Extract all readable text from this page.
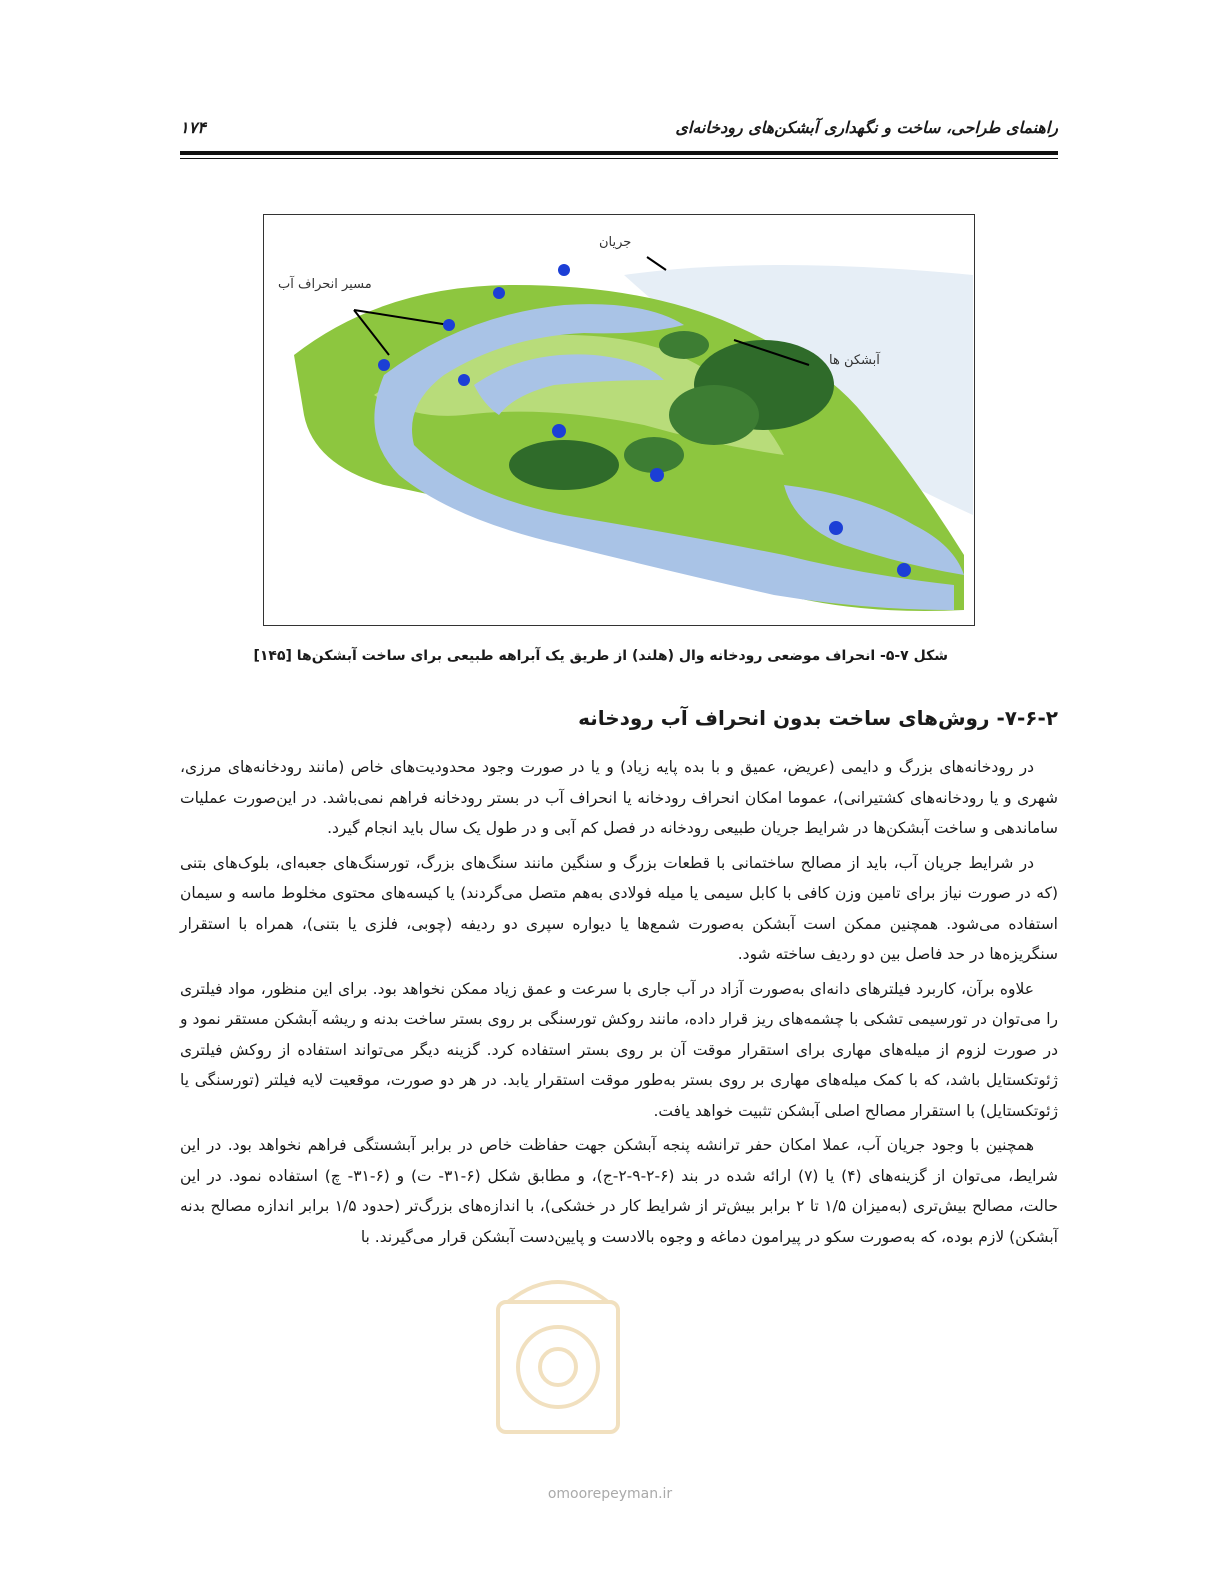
راهنمای طراحی، ساخت و نگهداری آبشکن‌های رودخانه‌ای
۱۷۴
جریان
مسیر انحراف آب
آبشکن ها
شکل ۷-۵- انحراف موضعی رودخانه وال (هلند) از طریق یک آبراهه طبیعی برای ساخت آبشکن‌ها [۱۴۵]
۷-۶-۲- روش‌های ساخت بدون انحراف آب رودخانه

در رودخانه‌های بزرگ و دایمی (عریض، عمیق و با بده پایه زیاد) و یا در صورت وجود محدودیت‌های خاص (مانند رودخانه‌های مرزی، شهری و یا رودخانه‌های کشتیرانی)، عموما امکان انحراف رودخانه یا انحراف آب در بستر رودخانه فراهم نمی‌باشد. در این‌صورت عملیات ساماندهی و ساخت آبشکن‌ها در شرایط جریان طبیعی رودخانه در فصل کم آبی و در طول یک سال باید انجام گیرد.

در شرایط جریان آب، باید از مصالح ساختمانی با قطعات بزرگ و سنگین مانند سنگ‌های بزرگ، تورسنگ‌های جعبه‌ای، بلوک‌های بتنی (که در صورت نیاز برای تامین وزن کافی با کابل سیمی یا میله فولادی به‌هم متصل می‌گردند) یا کیسه‌های محتوی مخلوط ماسه و سیمان استفاده می‌شود. همچنین ممکن است آبشکن به‌صورت شمع‌ها یا دیواره سپری دو ردیفه (چوبی، فلزی یا بتنی)، همراه با استقرار سنگریزه‌ها در حد فاصل بین دو ردیف ساخته شود.

علاوه برآن، کاربرد فیلترهای دانه‌ای به‌صورت آزاد در آب جاری با سرعت و عمق زیاد ممکن نخواهد بود. برای این منظور، مواد فیلتری را می‌توان در تورسیمی تشکی با چشمه‌های ریز قرار داده، مانند روکش تورسنگی بر روی بستر ساخت بدنه و ریشه آبشکن مستقر نمود و در صورت لزوم از میله‌های مهاری برای استقرار موقت آن بر روی بستر استفاده کرد. گزینه دیگر می‌تواند استفاده از روکش فیلتری ژئوتکستایل باشد، که با کمک میله‌های مهاری بر روی بستر به‌طور موقت استقرار یابد. در هر دو صورت، موقعیت لایه فیلتر (تورسنگی یا ژئوتکستایل) با استقرار مصالح اصلی آبشکن تثبیت خواهد یافت.

همچنین با وجود جریان آب، عملا امکان حفر ترانشه پنجه آبشکن جهت حفاظت خاص در برابر آبشستگی فراهم نخواهد بود. در این شرایط، می‌توان از گزینه‌های (۴) یا (۷) ارائه شده در بند (۶-۲-۹-۲-ج)، و مطابق شکل (۶-۳۱- ت) و (۶-۳۱- چ) استفاده نمود. در این حالت، مصالح بیش‌تری (به‌میزان ۱/۵ تا ۲ برابر بیش‌تر از شرایط کار در خشکی)، با اندازه‌های بزرگ‌تر (حدود ۱/۵ برابر اندازه مصالح بدنه آبشکن) لازم بوده، که به‌صورت سکو در پیرامون دماغه و وجوه بالادست و پایین‌دست آبشکن قرار می‌گیرند. با

omoorepeyman.ir
